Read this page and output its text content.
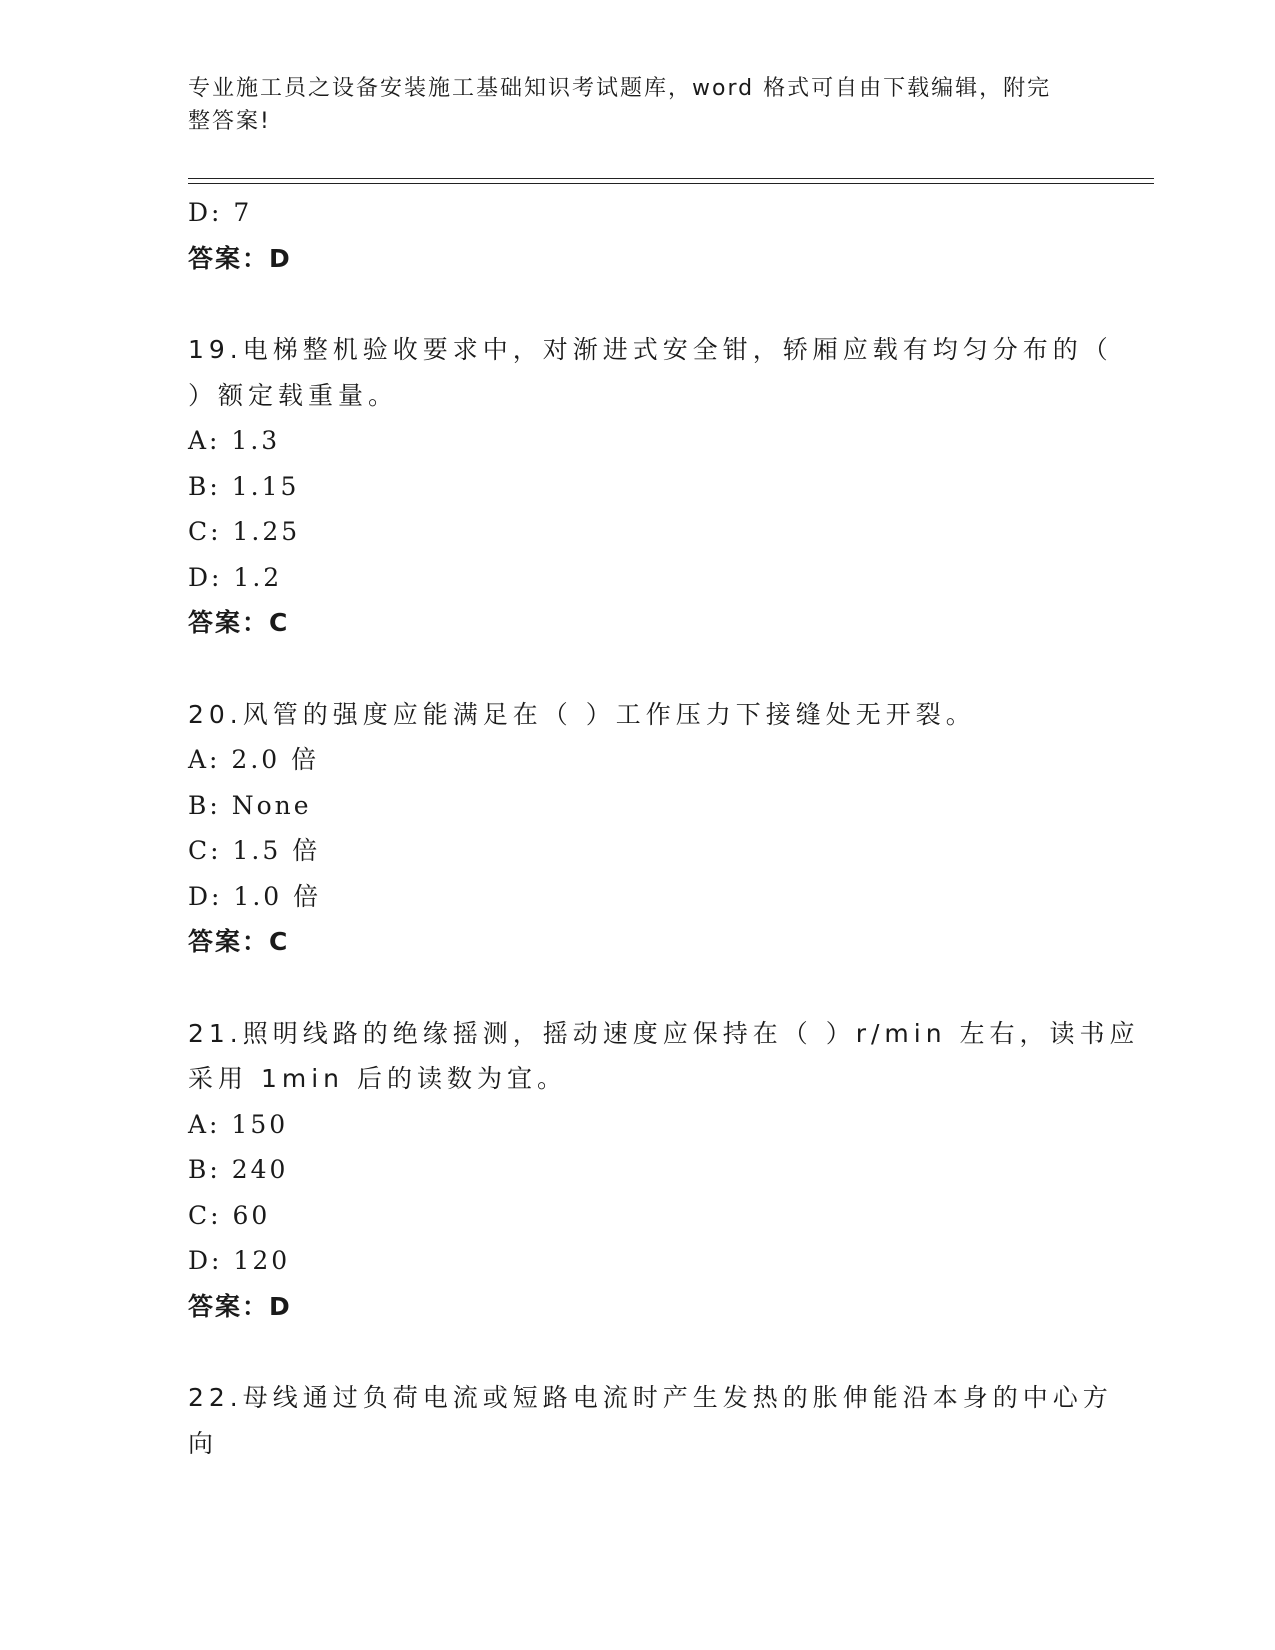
专业施工员之设备安装施工基础知识考试题库，word 格式可自由下载编辑，附完整答案!
D: 7
答案：D
19.电梯整机验收要求中，对渐进式安全钳，轿厢应载有均匀分布的（
）额定载重量。
A: 1.3
B: 1.15
C: 1.25
D: 1.2
答案：C
20.风管的强度应能满足在（ ）工作压力下接缝处无开裂。
A: 2.0 倍
B: None
C: 1.5 倍
D: 1.0 倍
答案：C
21.照明线路的绝缘摇测，摇动速度应保持在（ ）r/min 左右，读书应
采用 1min 后的读数为宜。
A: 150
B: 240
C: 60
D: 120
答案：D
22.母线通过负荷电流或短路电流时产生发热的胀伸能沿本身的中心方
向
